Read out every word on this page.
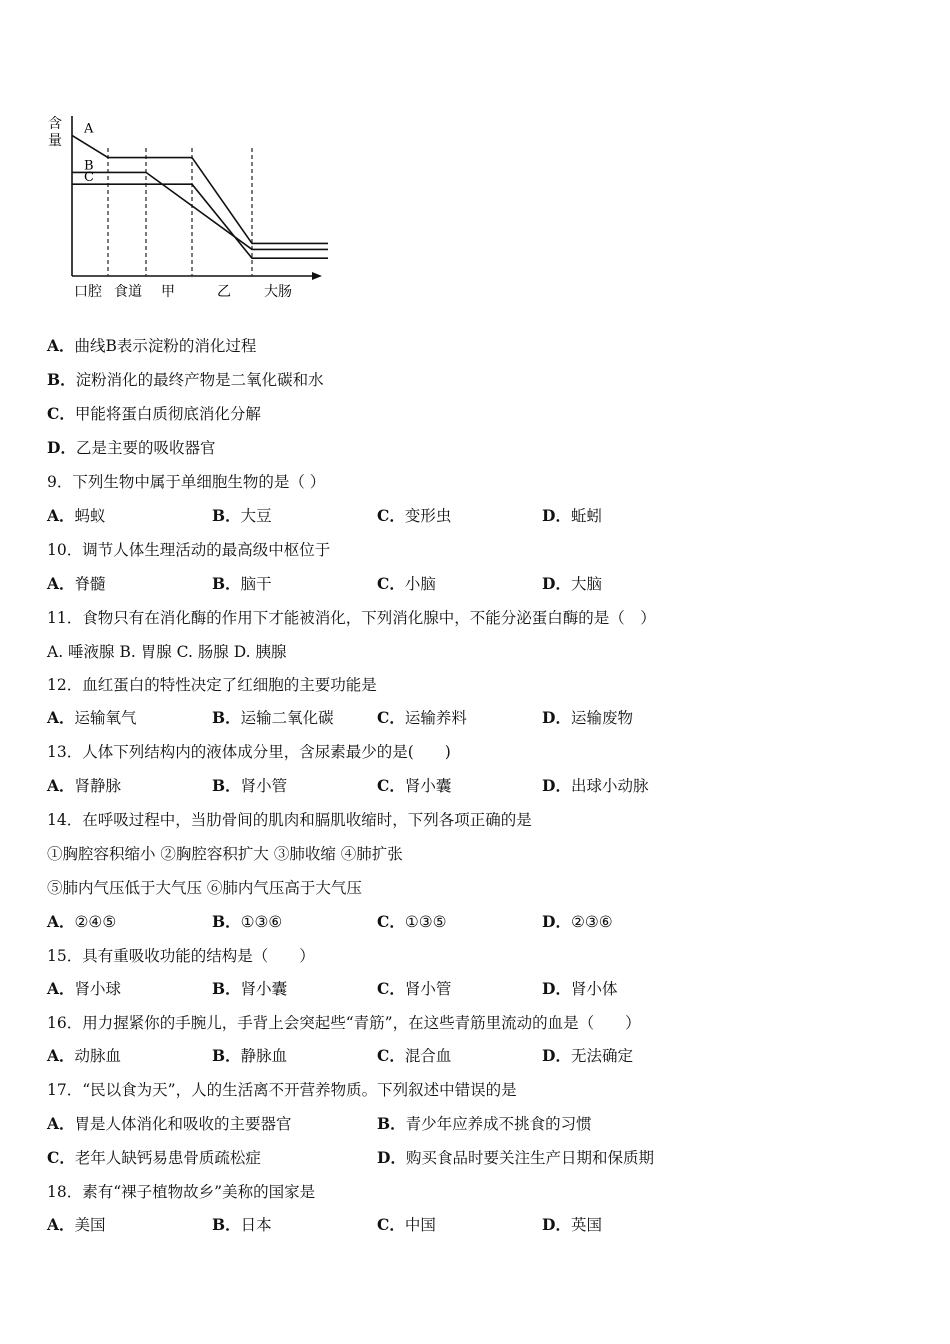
含
量
A
B
C
口腔 食道 甲	乙 大肠
A．曲线B表示淀粉的消化过程
B．淀粉消化的最终产物是二氧化碳和水
C．甲能将蛋白质彻底消化分解
D．乙是主要的吸收器官
9．下列生物中属于单细胞生物的是（ ）
A．蚂蚁	B．大豆	C．变形虫	D．蚯蚓
10．调节人体生理活动的最高级中枢位于
A．脊髓	B．脑干	C．小脑	D．大脑
11．食物只有在消化酶的作用下才能被消化，下列消化腺中，不能分泌蛋白酶的是（　）
A. 唾液腺 B. 胃腺 C. 肠腺 D. 胰腺
12．血红蛋白的特性决定了红细胞的主要功能是
A．运输氧气	B．运输二氧化碳	C．运输养料	D．运输废物
13．人体下列结构内的液体成分里，含尿素最少的是(　　)
A．肾静脉	B．肾小管	C．肾小囊	D．出球小动脉
14．在呼吸过程中，当肋骨间的肌肉和膈肌收缩时，下列各项正确的是
①胸腔容积缩小 ②胸腔容积扩大 ③肺收缩 ④肺扩张
⑤肺内气压低于大气压 ⑥肺内气压高于大气压
A．②④⑤	B．①③⑥	C．①③⑤	D．②③⑥
15．具有重吸收功能的结构是（　　）
A．肾小球	B．肾小囊	C．肾小管	D．肾小体
16．用力握紧你的手腕儿，手背上会突起些“青筋”，在这些青筋里流动的血是（　　）
A．动脉血	B．静脉血	C．混合血	D．无法确定
17．“民以食为天”，人的生活离不开营养物质。下列叙述中错误的是
A．胃是人体消化和吸收的主要器官	B．青少年应养成不挑食的习惯
C．老年人缺钙易患骨质疏松症	D．购买食品时要关注生产日期和保质期
18．素有“裸子植物故乡”美称的国家是
A．美国	B．日本	C．中国	D．英国
